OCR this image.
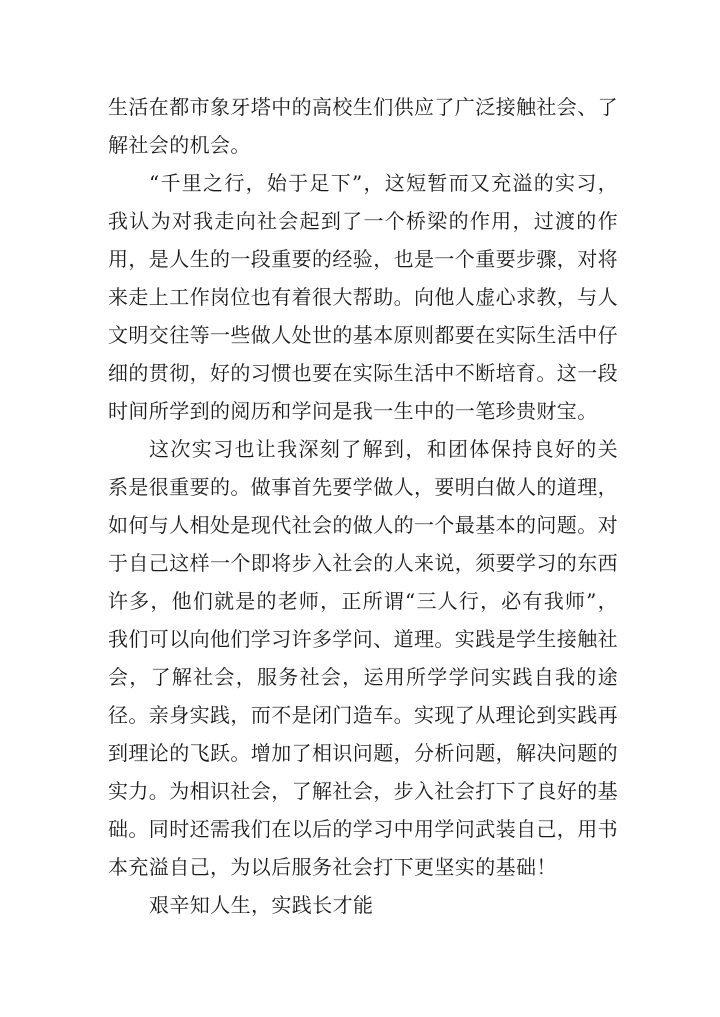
生活在都市象牙塔中的高校生们供应了广泛接触社会、了解社会的机会。

“千里之行，始于足下”，这短暂而又充溢的实习，我认为对我走向社会起到了一个桥梁的作用，过渡的作用，是人生的一段重要的经验，也是一个重要步骤，对将来走上工作岗位也有着很大帮助。向他人虚心求教，与人文明交往等一些做人处世的基本原则都要在实际生活中仔细的贯彻，好的习惯也要在实际生活中不断培育。这一段时间所学到的阅历和学问是我一生中的一笔珍贵财宝。

这次实习也让我深刻了解到，和团体保持良好的关系是很重要的。做事首先要学做人，要明白做人的道理，如何与人相处是现代社会的做人的一个最基本的问题。对于自己这样一个即将步入社会的人来说，须要学习的东西许多，他们就是的老师，正所谓“三人行，必有我师”，我们可以向他们学习许多学问、道理。实践是学生接触社会，了解社会，服务社会，运用所学学问实践自我的途径。亲身实践，而不是闭门造车。实现了从理论到实践再到理论的飞跃。增加了相识问题，分析问题，解决问题的实力。为相识社会，了解社会，步入社会打下了良好的基础。同时还需我们在以后的学习中用学问武装自己，用书本充溢自己，为以后服务社会打下更坚实的基础！

艰辛知人生，实践长才能
